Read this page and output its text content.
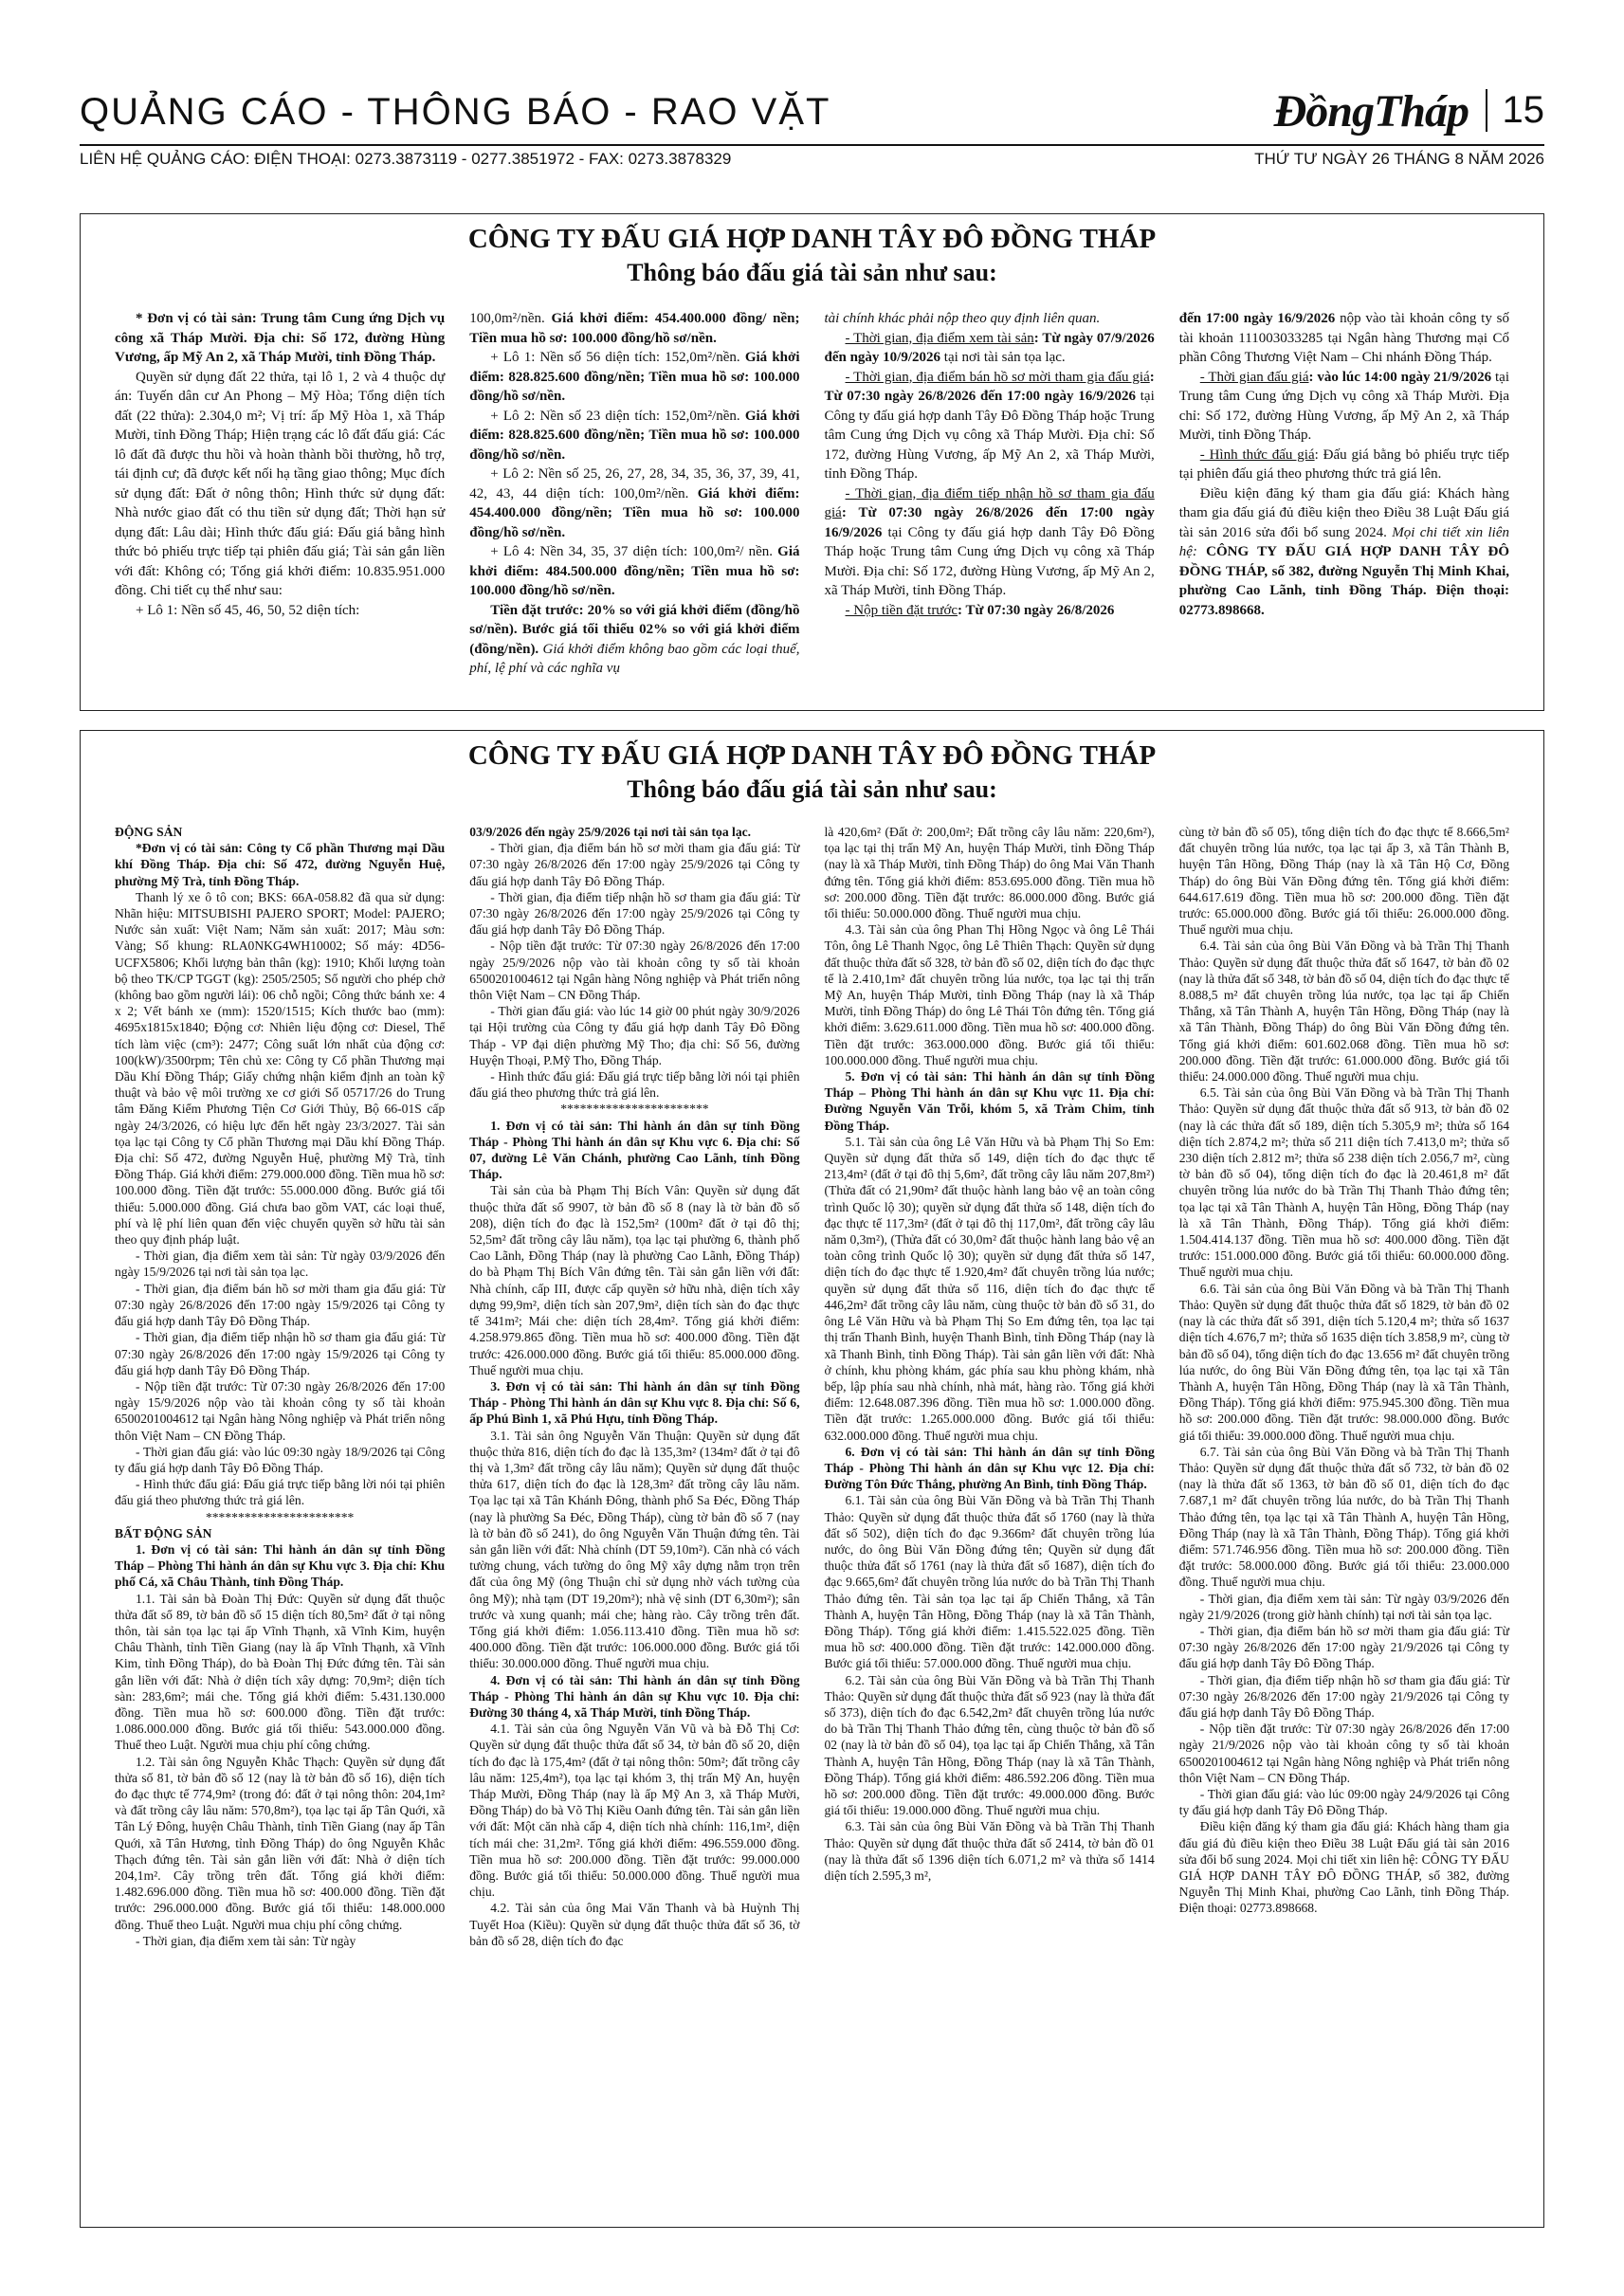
QUẢNG CÁO - THÔNG BÁO - RAO VẶT	ĐồngTháp 15
LIÊN HỆ QUẢNG CÁO: ĐIỆN THOẠI: 0273.3873119 - 0277.3851972 - FAX: 0273.3878329	THỨ TƯ NGÀY 26 THÁNG 8 NĂM 2026
CÔNG TY ĐẤU GIÁ HỢP DANH TÂY ĐÔ ĐỒNG THÁP
Thông báo đấu giá tài sản như sau:

* Đơn vị có tài sản: Trung tâm Cung ứng Dịch vụ công xã Tháp Mười. Địa chỉ: Số 172, đường Hùng Vương, ấp Mỹ An 2, xã Tháp Mười, tỉnh Đồng Tháp.

Quyền sử dụng đất 22 thửa, tại lô 1, 2 và 4 thuộc dự án: Tuyến dân cư An Phong – Mỹ Hòa; Tổng diện tích đất (22 thửa): 2.304,0 m²; Vị trí: ấp Mỹ Hòa 1, xã Tháp Mười, tỉnh Đồng Tháp; Hiện trạng các lô đất đấu giá: Các lô đất đã được thu hồi và hoàn thành bồi thường, hỗ trợ, tái định cư; đã được kết nối hạ tầng giao thông; Mục đích sử dụng đất: Đất ở nông thôn; Hình thức sử dụng đất: Nhà nước giao đất có thu tiền sử dụng đất; Thời hạn sử dụng đất: Lâu dài; Hình thức đấu giá: Đấu giá bằng hình thức bỏ phiếu trực tiếp tại phiên đấu giá; Tài sản gắn liền với đất: Không có; Tổng giá khởi điểm: 10.835.951.000 đồng. Chi tiết cụ thể như sau:

+ Lô 1: Nền số 45, 46, 50, 52 diện tích:

100,0m²/nền. Giá khởi điểm: 454.400.000 đồng/ nền; Tiền mua hồ sơ: 100.000 đồng/hồ sơ/nền.

+ Lô 1: Nền số 56 diện tích: 152,0m²/nền. Giá khởi điểm: 828.825.600 đồng/nền; Tiền mua hồ sơ: 100.000 đồng/hồ sơ/nền.

+ Lô 2: Nền số 23 diện tích: 152,0m²/nền. Giá khởi điểm: 828.825.600 đồng/nền; Tiền mua hồ sơ: 100.000 đồng/hồ sơ/nền.

+ Lô 2: Nền số 25, 26, 27, 28, 34, 35, 36, 37, 39, 41, 42, 43, 44 diện tích: 100,0m²/nền. Giá khởi điểm: 454.400.000 đồng/nền; Tiền mua hồ sơ: 100.000 đồng/hồ sơ/nền.

+ Lô 4: Nền 34, 35, 37 diện tích: 100,0m²/ nền. Giá khởi điểm: 484.500.000 đồng/nền; Tiền mua hồ sơ: 100.000 đồng/hồ sơ/nền.

Tiền đặt trước: 20% so với giá khởi điểm (đồng/hồ sơ/nền). Bước giá tối thiểu 02% so với giá khởi điểm (đồng/nền). Giá khởi điểm không bao gồm các loại thuế, phí, lệ phí và các nghĩa vụ

tài chính khác phải nộp theo quy định liên quan.

- Thời gian, địa điểm xem tài sản: Từ ngày 07/9/2026 đến ngày 10/9/2026 tại nơi tài sản tọa lạc.

- Thời gian, địa điểm bán hồ sơ mời tham gia đấu giá: Từ 07:30 ngày 26/8/2026 đến 17:00 ngày 16/9/2026 tại Công ty đấu giá hợp danh Tây Đô Đồng Tháp hoặc Trung tâm Cung ứng Dịch vụ công xã Tháp Mười. Địa chỉ: Số 172, đường Hùng Vương, ấp Mỹ An 2, xã Tháp Mười, tỉnh Đồng Tháp.

- Thời gian, địa điểm tiếp nhận hồ sơ tham gia đấu giá: Từ 07:30 ngày 26/8/2026 đến 17:00 ngày 16/9/2026 tại Công ty đấu giá hợp danh Tây Đô Đồng Tháp hoặc Trung tâm Cung ứng Dịch vụ công xã Tháp Mười. Địa chỉ: Số 172, đường Hùng Vương, ấp Mỹ An 2, xã Tháp Mười, tỉnh Đồng Tháp.

- Nộp tiền đặt trước: Từ 07:30 ngày 26/8/2026

đến 17:00 ngày 16/9/2026 nộp vào tài khoản công ty số tài khoản 111003033285 tại Ngân hàng Thương mại Cổ phần Công Thương Việt Nam – Chi nhánh Đồng Tháp.

- Thời gian đấu giá: vào lúc 14:00 ngày 21/9/2026 tại Trung tâm Cung ứng Dịch vụ công xã Tháp Mười. Địa chỉ: Số 172, đường Hùng Vương, ấp Mỹ An 2, xã Tháp Mười, tỉnh Đồng Tháp.

- Hình thức đấu giá: Đấu giá bằng bỏ phiếu trực tiếp tại phiên đấu giá theo phương thức trả giá lên.

Điều kiện đăng ký tham gia đấu giá: Khách hàng tham gia đấu giá đủ điều kiện theo Điều 38 Luật Đấu giá tài sản 2016 sửa đổi bổ sung 2024. Mọi chi tiết xin liên hệ: CÔNG TY ĐẤU GIÁ HỢP DANH TÂY ĐÔ ĐỒNG THÁP, số 382, đường Nguyễn Thị Minh Khai, phường Cao Lãnh, tỉnh Đồng Tháp. Điện thoại: 02773.898668.

CÔNG TY ĐẤU GIÁ HỢP DANH TÂY ĐÔ ĐỒNG THÁP
Thông báo đấu giá tài sản như sau:

ĐỘNG SẢN

*Đơn vị có tài sản: Công ty Cổ phần Thương mại Dầu khí Đồng Tháp. Địa chỉ: Số 472, đường Nguyễn Huệ, phường Mỹ Trà, tỉnh Đồng Tháp.

Thanh lý xe ô tô con; BKS: 66A-058.82 đã qua sử dụng: Nhãn hiệu: MITSUBISHI PAJERO SPORT; Model: PAJERO; Nước sản xuất: Việt Nam; Năm sản xuất: 2017; Màu sơn: Vàng; Số khung: RLA0NKG4WH10002; Số máy: 4D56-UCFX5806; Khối lượng bản thân (kg): 1910; Khối lượng toàn bộ theo TK/CP TGGT (kg): 2505/2505; Số người cho phép chở (không bao gồm người lái): 06 chỗ ngồi; Công thức bánh xe: 4 x 2; Vết bánh xe (mm): 1520/1515; Kích thước bao (mm): 4695x1815x1840; Động cơ: Nhiên liệu động cơ: Diesel, Thể tích làm việc (cm³): 2477; Công suất lớn nhất của động cơ: 100(kW)/3500rpm; Tên chủ xe: Công ty Cổ phần Thương mại Dầu Khí Đồng Tháp; Giấy chứng nhận kiểm định an toàn kỹ thuật và bảo vệ môi trường xe cơ giới Số 05717/26 do Trung tâm Đăng Kiểm Phương Tiện Cơ Giới Thủy, Bộ 66-01S cấp ngày 24/3/2026, có hiệu lực đến hết ngày 23/3/2027. Tài sản tọa lạc tại Công ty Cổ phần Thương mại Dầu khí Đồng Tháp. Địa chỉ: Số 472, đường Nguyễn Huệ, phường Mỹ Trà, tỉnh Đồng Tháp. Giá khởi điểm: 279.000.000 đồng. Tiền mua hồ sơ: 100.000 đồng. Tiền đặt trước: 55.000.000 đồng. Bước giá tối thiểu: 5.000.000 đồng. Giá chưa bao gồm VAT, các loại thuế, phí và lệ phí liên quan đến việc chuyển quyền sở hữu tài sản theo quy định pháp luật.

- Thời gian, địa điểm xem tài sản: Từ ngày 03/9/2026 đến ngày 15/9/2026 tại nơi tài sản tọa lạc.

- Thời gian, địa điểm bán hồ sơ mời tham gia đấu giá: Từ 07:30 ngày 26/8/2026 đến 17:00 ngày 15/9/2026 tại Công ty đấu giá hợp danh Tây Đô Đồng Tháp.

- Thời gian, địa điểm tiếp nhận hồ sơ tham gia đấu giá: Từ 07:30 ngày 26/8/2026 đến 17:00 ngày 15/9/2026 tại Công ty đấu giá hợp danh Tây Đô Đồng Tháp.

- Nộp tiền đặt trước: Từ 07:30 ngày 26/8/2026 đến 17:00 ngày 15/9/2026 nộp vào tài khoản công ty số tài khoản 6500201004612 tại Ngân hàng Nông nghiệp và Phát triển nông thôn Việt Nam – CN Đồng Tháp.

- Thời gian đấu giá: vào lúc 09:30 ngày 18/9/2026 tại Công ty đấu giá hợp danh Tây Đô Đồng Tháp.

- Hình thức đấu giá: Đấu giá trực tiếp bằng lời nói tại phiên đấu giá theo phương thức trả giá lên.

***********************

BẤT ĐỘNG SẢN

1. Đơn vị có tài sản: Thi hành án dân sự tỉnh Đồng Tháp – Phòng Thi hành án dân sự Khu vực 3. Địa chỉ: Khu phố Cá, xã Châu Thành, tỉnh Đồng Tháp.

1.1. Tài sản bà Đoàn Thị Đức: Quyền sử dụng đất thuộc thửa đất số 89, tờ bản đồ số 15 diện tích 80,5m² đất ở tại nông thôn, tài sản tọa lạc tại ấp Vĩnh Thạnh, xã Vĩnh Kim, huyện Châu Thành, tỉnh Tiền Giang (nay là ấp Vĩnh Thạnh, xã Vĩnh Kim, tỉnh Đồng Tháp), do bà Đoàn Thị Đức đứng tên. Tài sản gắn liền với đất: Nhà ở diện tích xây dựng: 70,9m²; diện tích sàn: 283,6m²; mái che. Tổng giá khởi điểm: 5.431.130.000 đồng. Tiền mua hồ sơ: 600.000 đồng. Tiền đặt trước: 1.086.000.000 đồng. Bước giá tối thiểu: 543.000.000 đồng. Thuế theo Luật. Người mua chịu phí công chứng.

1.2. Tài sản ông Nguyễn Khắc Thạch: Quyền sử dụng đất thửa số 81, tờ bản đồ số 12 (nay là tờ bản đồ số 16), diện tích đo đạc thực tế 774,9m² (trong đó: đất ở tại nông thôn: 204,1m² và đất trồng cây lâu năm: 570,8m²), tọa lạc tại ấp Tân Quới, xã Tân Lý Đông, huyện Châu Thành, tỉnh Tiền Giang (nay ấp Tân Quới, xã Tân Hương, tỉnh Đồng Tháp) do ông Nguyễn Khắc Thạch đứng tên. Tài sản gắn liền với đất: Nhà ở diện tích 204,1m². Cây trồng trên đất. Tổng giá khởi điểm: 1.482.696.000 đồng. Tiền mua hồ sơ: 400.000 đồng. Tiền đặt trước: 296.000.000 đồng. Bước giá tối thiểu: 148.000.000 đồng. Thuế theo Luật. Người mua chịu phí công chứng.

- Thời gian, địa điểm xem tài sản: Từ ngày

03/9/2026 đến ngày 25/9/2026 tại nơi tài sản tọa lạc.

- Thời gian, địa điểm bán hồ sơ mời tham gia đấu giá: Từ 07:30 ngày 26/8/2026 đến 17:00 ngày 25/9/2026 tại Công ty đấu giá hợp danh Tây Đô Đồng Tháp.

- Thời gian, địa điểm tiếp nhận hồ sơ tham gia đấu giá: Từ 07:30 ngày 26/8/2026 đến 17:00 ngày 25/9/2026 tại Công ty đấu giá hợp danh Tây Đô Đồng Tháp.

- Nộp tiền đặt trước: Từ 07:30 ngày 26/8/2026 đến 17:00 ngày 25/9/2026 nộp vào tài khoản công ty số tài khoản 6500201004612 tại Ngân hàng Nông nghiệp và Phát triển nông thôn Việt Nam – CN Đồng Tháp.

- Thời gian đấu giá: vào lúc 14 giờ 00 phút ngày 30/9/2026 tại Hội trường của Công ty đấu giá hợp danh Tây Đô Đồng Tháp - VP đại diện phường Mỹ Tho; địa chỉ: Số 56, đường Huyện Thoại, P.Mỹ Tho, Đồng Tháp.

- Hình thức đấu giá: Đấu giá trực tiếp bằng lời nói tại phiên đấu giá theo phương thức trả giá lên.

***********************

1. Đơn vị có tài sản: Thi hành án dân sự tỉnh Đồng Tháp - Phòng Thi hành án dân sự Khu vực 6. Địa chỉ: Số 07, đường Lê Văn Chánh, phường Cao Lãnh, tỉnh Đồng Tháp.

Tài sản của bà Phạm Thị Bích Vân: Quyền sử dụng đất thuộc thửa đất số 9907, tờ bản đồ số 8 (nay là tờ bản đồ số 208), diện tích đo đạc là 152,5m² (100m² đất ở tại đô thị; 52,5m² đất trồng cây lâu năm), tọa lạc tại phường 6, thành phố Cao Lãnh, Đồng Tháp (nay là phường Cao Lãnh, Đồng Tháp) do bà Phạm Thị Bích Vân đứng tên. Tài sản gắn liền với đất: Nhà chính, cấp III, được cấp quyền sở hữu nhà, diện tích xây dựng 99,9m², diện tích sàn 207,9m², diện tích sàn đo đạc thực tế 341m²; Mái che: diện tích 28,4m². Tổng giá khởi điểm: 4.258.979.865 đồng. Tiền mua hồ sơ: 400.000 đồng. Tiền đặt trước: 426.000.000 đồng. Bước giá tối thiểu: 85.000.000 đồng. Thuế người mua chịu.

3. Đơn vị có tài sản: Thi hành án dân sự tỉnh Đồng Tháp - Phòng Thi hành án dân sự Khu vực 8. Địa chỉ: Số 6, ấp Phú Bình 1, xã Phú Hựu, tỉnh Đồng Tháp.

3.1. Tài sản ông Nguyễn Văn Thuận: Quyền sử dụng đất thuộc thửa 816, diện tích đo đạc là 135,3m² (134m² đất ở tại đô thị và 1,3m² đất trồng cây lâu năm); Quyền sử dụng đất thuộc thửa 617, diện tích đo đạc là 128,3m² đất trồng cây lâu năm. Tọa lạc tại xã Tân Khánh Đông, thành phố Sa Đéc, Đồng Tháp (nay là phường Sa Đéc, Đồng Tháp), cùng tờ bản đồ số 7 (nay là tờ bản đồ số 241), do ông Nguyễn Văn Thuận đứng tên. Tài sản gắn liền với đất: Nhà chính (DT 59,10m²). Căn nhà có vách tường chung, vách tường do ông Mỹ xây dựng nằm trọn trên đất của ông Mỹ (ông Thuận chỉ sử dụng nhờ vách tường của ông Mỹ); nhà tạm (DT 19,20m²); nhà vệ sinh (DT 6,30m²); sân trước và xung quanh; mái che; hàng rào. Cây trồng trên đất. Tổng giá khởi điểm: 1.056.113.410 đồng. Tiền mua hồ sơ: 400.000 đồng. Tiền đặt trước: 106.000.000 đồng. Bước giá tối thiểu: 30.000.000 đồng. Thuế người mua chịu.

4. Đơn vị có tài sản: Thi hành án dân sự tỉnh Đồng Tháp - Phòng Thi hành án dân sự Khu vực 10. Địa chỉ: Đường 30 tháng 4, xã Tháp Mười, tỉnh Đồng Tháp.

4.1. Tài sản của ông Nguyễn Văn Vũ và bà Đỗ Thị Cơ: Quyền sử dụng đất thuộc thửa đất số 34, tờ bản đồ số 20, diện tích đo đạc là 175,4m² (đất ở tại nông thôn: 50m²; đất trồng cây lâu năm: 125,4m²), tọa lạc tại khóm 3, thị trấn Mỹ An, huyện Tháp Mười, Đồng Tháp (nay là ấp Mỹ An 3, xã Tháp Mười, Đồng Tháp) do bà Võ Thị Kiều Oanh đứng tên. Tài sản gắn liền với đất: Một căn nhà cấp 4, diện tích nhà chính: 116,1m², diện tích mái che: 31,2m². Tổng giá khởi điểm: 496.559.000 đồng. Tiền mua hồ sơ: 200.000 đồng. Tiền đặt trước: 99.000.000 đồng. Bước giá tối thiểu: 50.000.000 đồng. Thuế người mua chịu.

4.2. Tài sản của ông Mai Văn Thanh và bà Huỳnh Thị Tuyết Hoa (Kiều): Quyền sử dụng đất thuộc thửa đất số 36, tờ bản đồ số 28, diện tích đo đạc

là 420,6m² (Đất ở: 200,0m²; Đất trồng cây lâu năm: 220,6m²), tọa lạc tại thị trấn Mỹ An, huyện Tháp Mười, tỉnh Đồng Tháp (nay là xã Tháp Mười, tỉnh Đồng Tháp) do ông Mai Văn Thanh đứng tên. Tổng giá khởi điểm: 853.695.000 đồng. Tiền mua hồ sơ: 200.000 đồng. Tiền đặt trước: 86.000.000 đồng. Bước giá tối thiểu: 50.000.000 đồng. Thuế người mua chịu.

4.3. Tài sản của ông Phan Thị Hồng Ngọc và ông Lê Thái Tôn, ông Lê Thanh Ngọc, ông Lê Thiên Thạch: Quyền sử dụng đất thuộc thửa đất số 328, tờ bản đồ số 02, diện tích đo đạc thực tế là 2.410,1m² đất chuyên trồng lúa nước, tọa lạc tại thị trấn Mỹ An, huyện Tháp Mười, tỉnh Đồng Tháp (nay là xã Tháp Mười, tỉnh Đồng Tháp) do ông Lê Thái Tôn đứng tên. Tổng giá khởi điểm: 3.629.611.000 đồng. Tiền mua hồ sơ: 400.000 đồng. Tiền đặt trước: 363.000.000 đồng. Bước giá tối thiểu: 100.000.000 đồng. Thuế người mua chịu.

5. Đơn vị có tài sản: Thi hành án dân sự tỉnh Đồng Tháp – Phòng Thi hành án dân sự Khu vực 11. Địa chỉ: Đường Nguyễn Văn Trỗi, khóm 5, xã Tràm Chim, tỉnh Đồng Tháp.

5.1. Tài sản của ông Lê Văn Hữu và bà Phạm Thị So Em: Quyền sử dụng đất thửa số 149, diện tích đo đạc thực tế 213,4m² (đất ở tại đô thị 5,6m², đất trồng cây lâu năm 207,8m²) (Thửa đất có 21,90m² đất thuộc hành lang bảo vệ an toàn công trình Quốc lộ 30); quyền sử dụng đất thửa số 148, diện tích đo đạc thực tế 117,3m² (đất ở tại đô thị 117,0m², đất trồng cây lâu năm 0,3m²), (Thửa đất có 30,0m² đất thuộc hành lang bảo vệ an toàn công trình Quốc lộ 30); quyền sử dụng đất thửa số 147, diện tích đo đạc thực tế 1.920,4m² đất chuyên trồng lúa nước; quyền sử dụng đất thửa số 116, diện tích đo đạc thực tế 446,2m² đất trồng cây lâu năm, cùng thuộc tờ bản đồ số 31, do ông Lê Văn Hữu và bà Phạm Thị So Em đứng tên, tọa lạc tại thị trấn Thanh Bình, huyện Thanh Bình, tỉnh Đồng Tháp (nay là xã Thanh Bình, tỉnh Đồng Tháp). Tài sản gắn liền với đất: Nhà ở chính, khu phòng khám, gác phía sau khu phòng khám, nhà bếp, lập phía sau nhà chính, nhà mát, hàng rào. Tổng giá khởi điểm: 12.648.087.396 đồng. Tiền mua hồ sơ: 1.000.000 đồng. Tiền đặt trước: 1.265.000.000 đồng. Bước giá tối thiểu: 632.000.000 đồng. Thuế người mua chịu.

6. Đơn vị có tài sản: Thi hành án dân sự tỉnh Đồng Tháp - Phòng Thi hành án dân sự Khu vực 12. Địa chỉ: Đường Tôn Đức Thắng, phường An Bình, tỉnh Đồng Tháp.

6.1. Tài sản của ông Bùi Văn Đồng và bà Trần Thị Thanh Thảo: Quyền sử dụng đất thuộc thửa đất số 1760 (nay là thửa đất số 502), diện tích đo đạc 9.366m² đất chuyên trồng lúa nước, do ông Bùi Văn Đồng đứng tên; Quyền sử dụng đất thuộc thửa đất số 1761 (nay là thửa đất số 1687), diện tích đo đạc 9.665,6m² đất chuyên trồng lúa nước do bà Trần Thị Thanh Thảo đứng tên. Tài sản tọa lạc tại ấp Chiến Thắng, xã Tân Thành A, huyện Tân Hồng, Đồng Tháp (nay là xã Tân Thành, Đồng Tháp). Tổng giá khởi điểm: 1.415.522.025 đồng. Tiền mua hồ sơ: 400.000 đồng. Tiền đặt trước: 142.000.000 đồng. Bước giá tối thiểu: 57.000.000 đồng. Thuế người mua chịu.

6.2. Tài sản của ông Bùi Văn Đồng và bà Trần Thị Thanh Thảo: Quyền sử dụng đất thuộc thửa đất số 923 (nay là thửa đất số 373), diện tích đo đạc 6.542,2m² đất chuyên trồng lúa nước do bà Trần Thị Thanh Thảo đứng tên, cùng thuộc tờ bản đồ số 02 (nay là tờ bản đồ số 04), tọa lạc tại ấp Chiến Thắng, xã Tân Thành A, huyện Tân Hồng, Đồng Tháp (nay là xã Tân Thành, Đồng Tháp). Tổng giá khởi điểm: 486.592.206 đồng. Tiền mua hồ sơ: 200.000 đồng. Tiền đặt trước: 49.000.000 đồng. Bước giá tối thiểu: 19.000.000 đồng. Thuế người mua chịu.

6.3. Tài sản của ông Bùi Văn Đồng và bà Trần Thị Thanh Thảo: Quyền sử dụng đất thuộc thửa đất số 2414, tờ bản đồ 01 (nay là thửa đất số 1396 diện tích 6.071,2 m² và thửa số 1414 diện tích 2.595,3 m²,

cùng tờ bản đồ số 05), tổng diện tích đo đạc thực tế 8.666,5m² đất chuyên trồng lúa nước, tọa lạc tại ấp 3, xã Tân Thành B, huyện Tân Hồng, Đồng Tháp (nay là xã Tân Hộ Cơ, Đồng Tháp) do ông Bùi Văn Đồng đứng tên. Tổng giá khởi điểm: 644.617.619 đồng. Tiền mua hồ sơ: 200.000 đồng. Tiền đặt trước: 65.000.000 đồng. Bước giá tối thiểu: 26.000.000 đồng. Thuế người mua chịu.

6.4. Tài sản của ông Bùi Văn Đồng và bà Trần Thị Thanh Thảo: Quyền sử dụng đất thuộc thửa đất số 1647, tờ bản đồ 02 (nay là thửa đất số 348, tờ bản đồ số 04, diện tích đo đạc thực tế 8.088,5 m² đất chuyên trồng lúa nước, tọa lạc tại ấp Chiến Thắng, xã Tân Thành A, huyện Tân Hồng, Đồng Tháp (nay là xã Tân Thành, Đồng Tháp) do ông Bùi Văn Đồng đứng tên. Tổng giá khởi điểm: 601.602.068 đồng. Tiền mua hồ sơ: 200.000 đồng. Tiền đặt trước: 61.000.000 đồng. Bước giá tối thiểu: 24.000.000 đồng. Thuế người mua chịu.

6.5. Tài sản của ông Bùi Văn Đồng và bà Trần Thị Thanh Thảo: Quyền sử dụng đất thuộc thửa đất số 913, tờ bản đồ 02 (nay là các thửa đất số 189, diện tích 5.305,9 m²; thửa số 164 diện tích 2.874,2 m²; thửa số 211 diện tích 7.413,0 m²; thửa số 230 diện tích 2.812 m²; thửa số 238 diện tích 2.056,7 m², cùng tờ bản đồ số 04), tổng diện tích đo đạc là 20.461,8 m² đất chuyên trồng lúa nước do bà Trần Thị Thanh Thảo đứng tên; tọa lạc tại xã Tân Thành A, huyện Tân Hồng, Đồng Tháp (nay là xã Tân Thành, Đồng Tháp). Tổng giá khởi điểm: 1.504.414.137 đồng. Tiền mua hồ sơ: 400.000 đồng. Tiền đặt trước: 151.000.000 đồng. Bước giá tối thiểu: 60.000.000 đồng. Thuế người mua chịu.

6.6. Tài sản của ông Bùi Văn Đồng và bà Trần Thị Thanh Thảo: Quyền sử dụng đất thuộc thửa đất số 1829, tờ bản đồ 02 (nay là các thửa đất số 391, diện tích 5.120,4 m²; thửa số 1637 diện tích 4.676,7 m²; thửa số 1635 diện tích 3.858,9 m², cùng tờ bản đồ số 04), tổng diện tích đo đạc 13.656 m² đất chuyên trồng lúa nước, do ông Bùi Văn Đồng đứng tên, tọa lạc tại xã Tân Thành A, huyện Tân Hồng, Đồng Tháp (nay là xã Tân Thành, Đồng Tháp). Tổng giá khởi điểm: 975.945.300 đồng. Tiền mua hồ sơ: 200.000 đồng. Tiền đặt trước: 98.000.000 đồng. Bước giá tối thiểu: 39.000.000 đồng. Thuế người mua chịu.

6.7. Tài sản của ông Bùi Văn Đồng và bà Trần Thị Thanh Thảo: Quyền sử dụng đất thuộc thửa đất số 732, tờ bản đồ 02 (nay là thửa đất số 1363, tờ bản đồ số 01, diện tích đo đạc 7.687,1 m² đất chuyên trồng lúa nước, do bà Trần Thị Thanh Thảo đứng tên, tọa lạc tại xã Tân Thành A, huyện Tân Hồng, Đồng Tháp (nay là xã Tân Thành, Đồng Tháp). Tổng giá khởi điểm: 571.746.956 đồng. Tiền mua hồ sơ: 200.000 đồng. Tiền đặt trước: 58.000.000 đồng. Bước giá tối thiểu: 23.000.000 đồng. Thuế người mua chịu.

- Thời gian, địa điểm xem tài sản: Từ ngày 03/9/2026 đến ngày 21/9/2026 (trong giờ hành chính) tại nơi tài sản tọa lạc.

- Thời gian, địa điểm bán hồ sơ mời tham gia đấu giá: Từ 07:30 ngày 26/8/2026 đến 17:00 ngày 21/9/2026 tại Công ty đấu giá hợp danh Tây Đô Đồng Tháp.

- Thời gian, địa điểm tiếp nhận hồ sơ tham gia đấu giá: Từ 07:30 ngày 26/8/2026 đến 17:00 ngày 21/9/2026 tại Công ty đấu giá hợp danh Tây Đô Đồng Tháp.

- Nộp tiền đặt trước: Từ 07:30 ngày 26/8/2026 đến 17:00 ngày 21/9/2026 nộp vào tài khoản công ty số tài khoản 6500201004612 tại Ngân hàng Nông nghiệp và Phát triển nông thôn Việt Nam – CN Đồng Tháp.

- Thời gian đấu giá: vào lúc 09:00 ngày 24/9/2026 tại Công ty đấu giá hợp danh Tây Đô Đồng Tháp.

Điều kiện đăng ký tham gia đấu giá: Khách hàng tham gia đấu giá đủ điều kiện theo Điều 38 Luật Đấu giá tài sản 2016 sửa đổi bổ sung 2024. Mọi chi tiết xin liên hệ: CÔNG TY ĐẤU GIÁ HỢP DANH TÂY ĐÔ ĐỒNG THÁP, số 382, đường Nguyễn Thị Minh Khai, phường Cao Lãnh, tỉnh Đồng Tháp. Điện thoại: 02773.898668.
